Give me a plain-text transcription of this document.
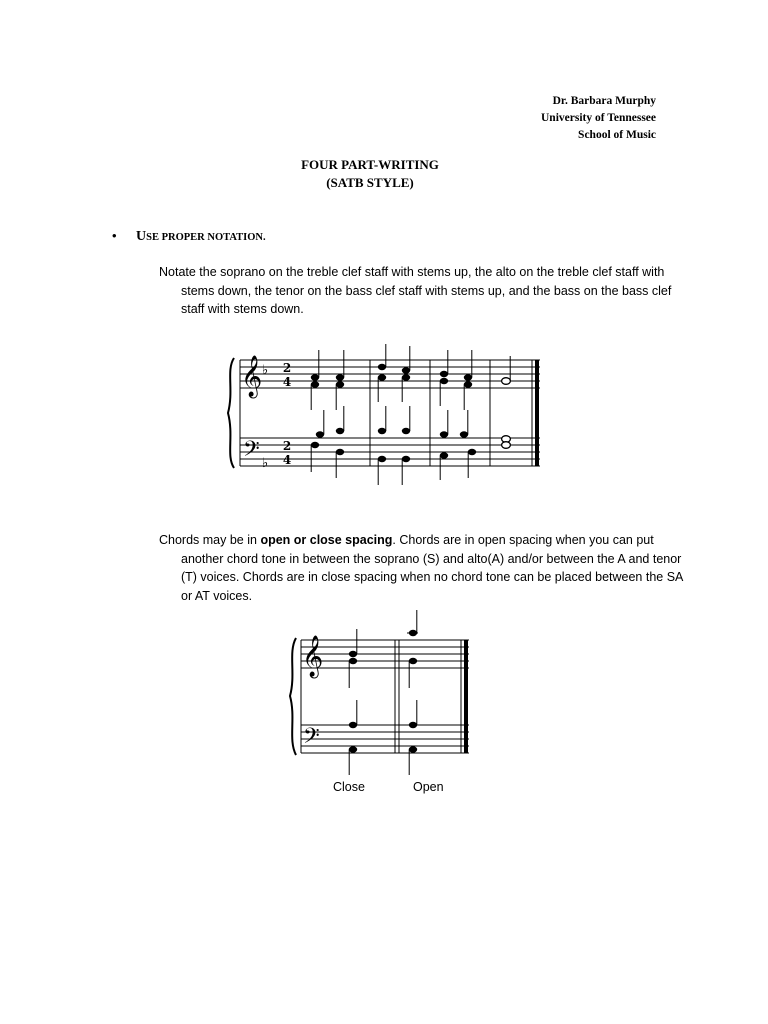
Dr. Barbara Murphy
University of Tennessee
School of Music
FOUR PART-WRITING
(SATB STYLE)
• USE PROPER NOTATION.
Notate the soprano on the treble clef staff with stems up, the alto on the treble clef staff with stems down, the tenor on the bass clef staff with stems up, and the bass on the bass clef staff with stems down.
𝄞
𝄢
♭
♭
2
4
2
4
Chords may be in open or close spacing. Chords are in open spacing when you can put another chord tone in between the soprano (S) and alto(A) and/or between the A and tenor (T) voices. Chords are in close spacing when no chord tone can be placed between the SA or AT voices.
𝄞
𝄢
Close	Open
